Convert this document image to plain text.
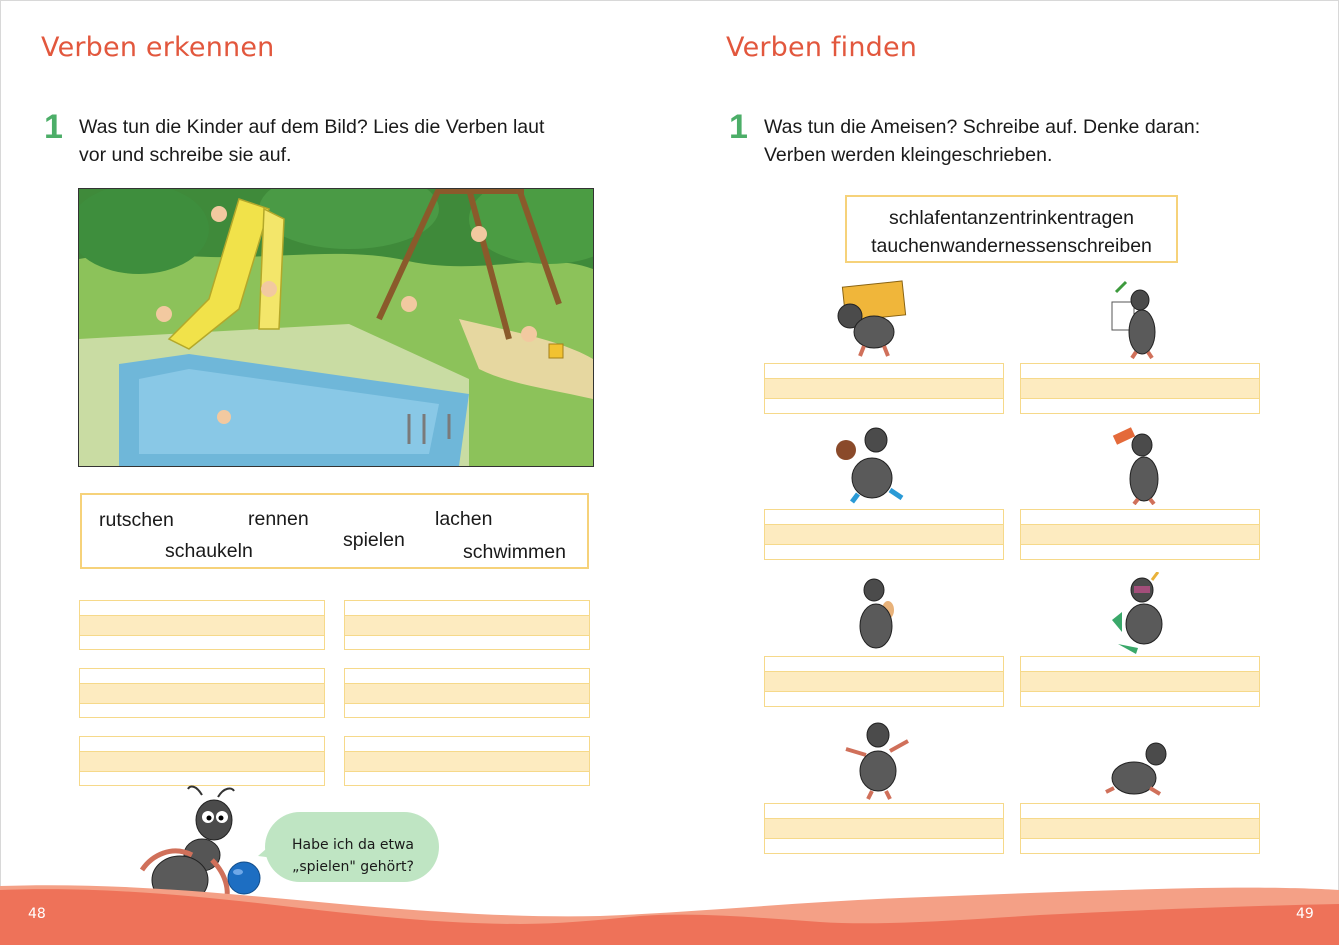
Verben erkennen
1 Was tun die Kinder auf dem Bild? Lies die Verben laut
vor und schreibe sie auf.

rutschen	rennen	lachen
schaukeln	spielen
schwimmen
Habe ich da etwa
„spielen" gehört?
Verben finden
1 Was tun die Ameisen? Schreibe auf. Denke daran:
Verben werden kleingeschrieben.

schlafentanzentrinkentragen
tauchenwandernessenschreiben
48	49
